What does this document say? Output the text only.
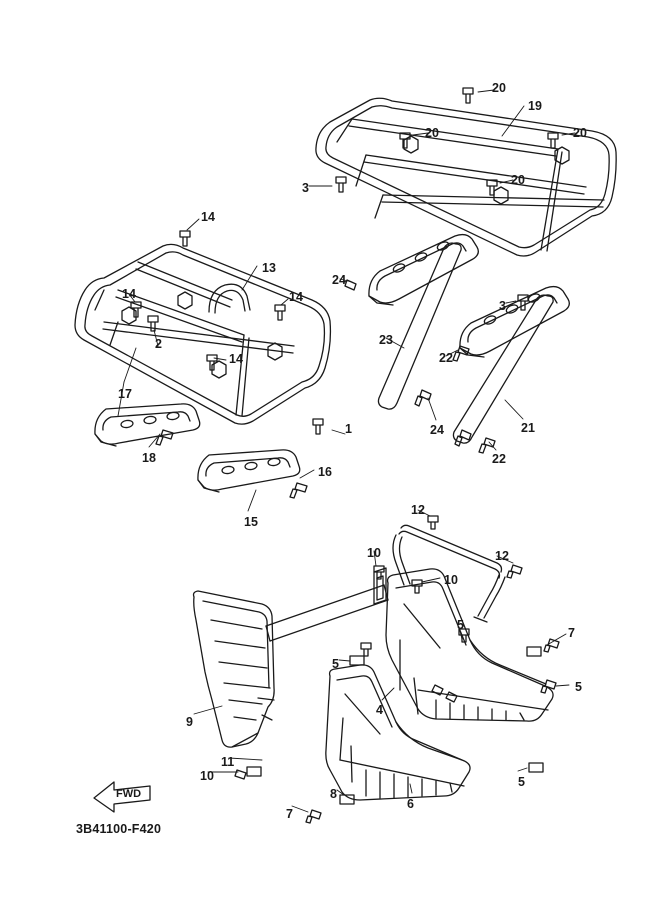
FWD
3B41100-F420
1
2
3
3
4
5
5
5
5
6
7
7
8
9
10
10
10
11
12
12
13
14
14	14
14
15
16
17
18
19
20
20	20
20
21
22
22
23
24
24
